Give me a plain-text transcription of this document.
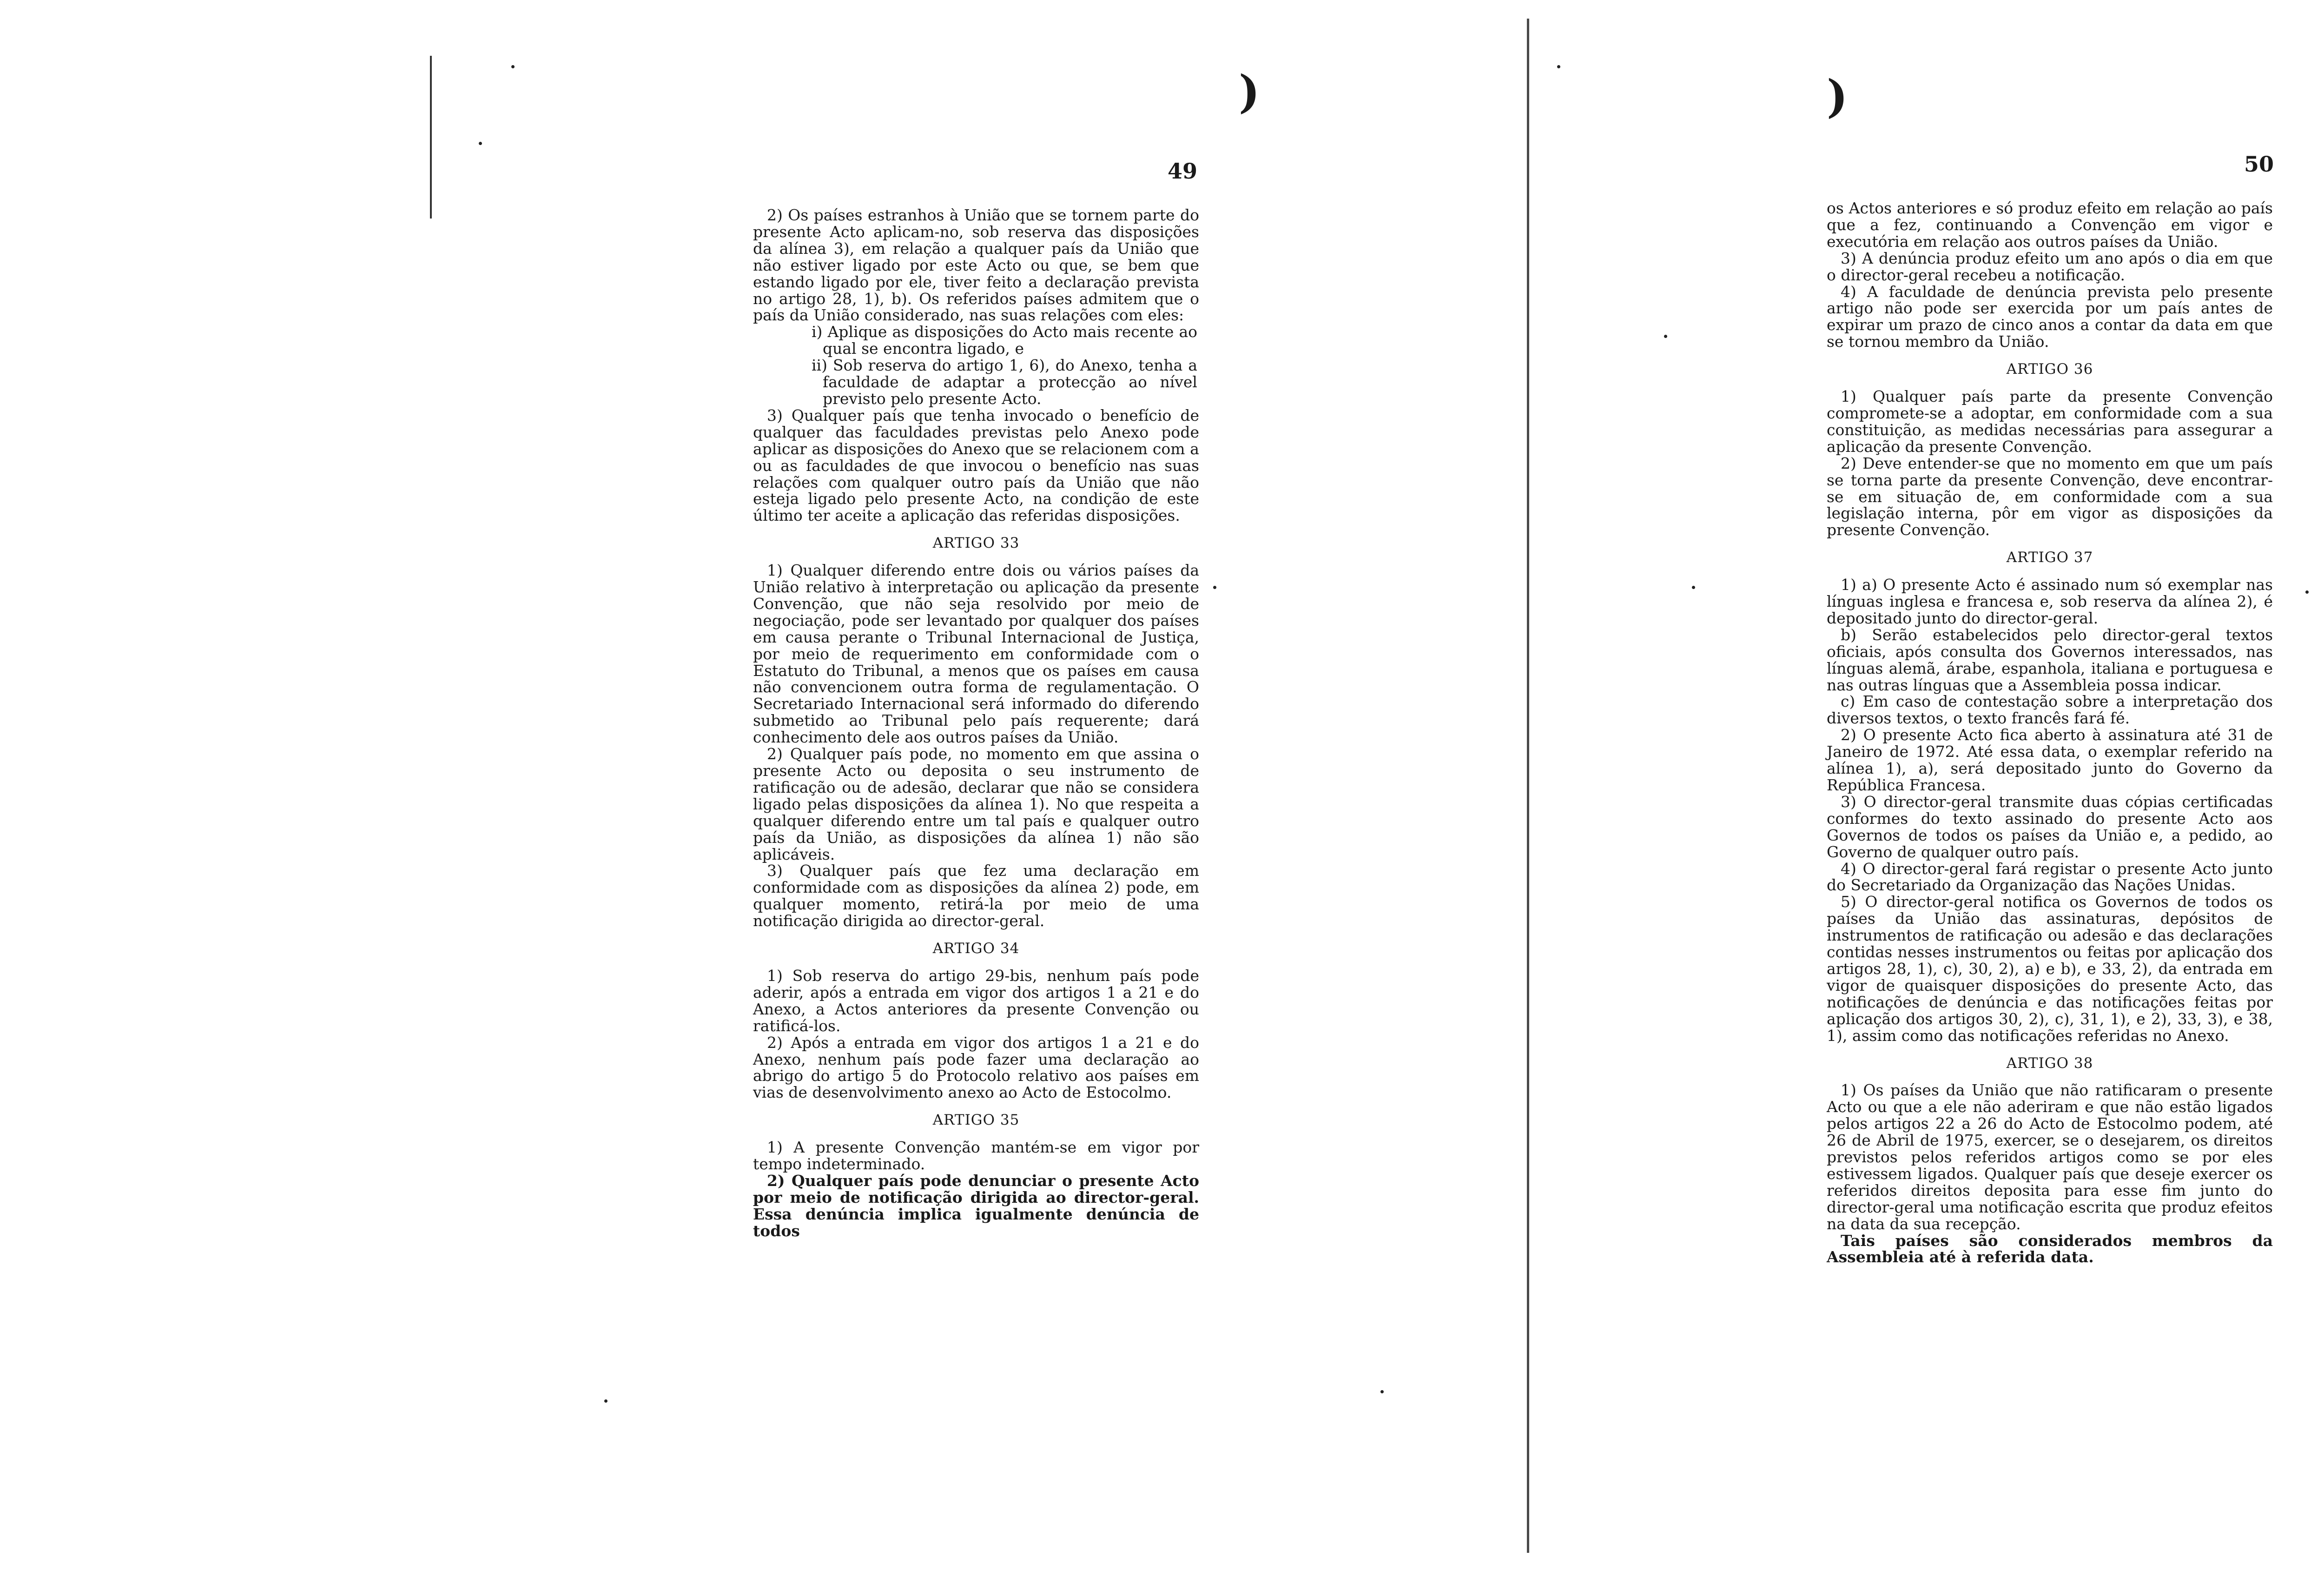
)
49

2) Os países estranhos à União que se tornem parte do presente Acto aplicam-no, sob reserva das disposições da alínea 3), em relação a qualquer país da União que não estiver ligado por este Acto ou que, se bem que estando ligado por ele, tiver feito a declaração prevista no artigo 28, 1), b). Os referidos países admitem que o país da União considerado, nas suas relações com eles:

i) Aplique as disposições do Acto mais recente ao qual se encontra ligado, e

ii) Sob reserva do artigo 1, 6), do Anexo, tenha a faculdade de adaptar a protecção ao nível previsto pelo presente Acto.

3) Qualquer país que tenha invocado o benefício de qualquer das faculdades previstas pelo Anexo pode aplicar as disposições do Anexo que se relacionem com a ou as faculdades de que invocou o benefício nas suas relações com qualquer outro país da União que não esteja ligado pelo presente Acto, na condição de este último ter aceite a aplicação das referidas disposições.

ARTIGO 33

1) Qualquer diferendo entre dois ou vários países da União relativo à interpretação ou aplicação da presente Convenção, que não seja resolvido por meio de negociação, pode ser levantado por qualquer dos países em causa perante o Tribunal Internacional de Justiça, por meio de requerimento em conformidade com o Estatuto do Tribunal, a menos que os países em causa não convencionem outra forma de regulamentação. O Secretariado Internacional será informado do diferendo submetido ao Tribunal pelo país requerente; dará conhecimento dele aos outros países da União.

2) Qualquer país pode, no momento em que assina o presente Acto ou deposita o seu instrumento de ratificação ou de adesão, declarar que não se considera ligado pelas disposições da alínea 1). No que respeita a qualquer diferendo entre um tal país e qualquer outro país da União, as disposições da alínea 1) não são aplicáveis.

3) Qualquer país que fez uma declaração em conformidade com as disposições da alínea 2) pode, em qualquer momento, retirá-la por meio de uma notificação dirigida ao director-geral.

ARTIGO 34

1) Sob reserva do artigo 29-bis, nenhum país pode aderir, após a entrada em vigor dos artigos 1 a 21 e do Anexo, a Actos anteriores da presente Convenção ou ratificá-los.

2) Após a entrada em vigor dos artigos 1 a 21 e do Anexo, nenhum país pode fazer uma declaração ao abrigo do artigo 5 do Protocolo relativo aos países em vias de desenvolvimento anexo ao Acto de Estocolmo.

ARTIGO 35

1) A presente Convenção mantém-se em vigor por tempo indeterminado.

2) Qualquer país pode denunciar o presente Acto por meio de notificação dirigida ao director-geral. Essa denúncia implica igualmente denúncia de todos

)
50

os Actos anteriores e só produz efeito em relação ao país que a fez, continuando a Convenção em vigor e executória em relação aos outros países da União.

3) A denúncia produz efeito um ano após o dia em que o director-geral recebeu a notificação.

4) A faculdade de denúncia prevista pelo presente artigo não pode ser exercida por um país antes de expirar um prazo de cinco anos a contar da data em que se tornou membro da União.

ARTIGO 36

1) Qualquer país parte da presente Convenção compromete-se a adoptar, em conformidade com a sua constituição, as medidas necessárias para assegurar a aplicação da presente Convenção.

2) Deve entender-se que no momento em que um país se torna parte da presente Convenção, deve encontrar-se em situação de, em conformidade com a sua legislação interna, pôr em vigor as disposições da presente Convenção.

ARTIGO 37

1) a) O presente Acto é assinado num só exemplar nas línguas inglesa e francesa e, sob reserva da alínea 2), é depositado junto do director-geral.

b) Serão estabelecidos pelo director-geral textos oficiais, após consulta dos Governos interessados, nas línguas alemã, árabe, espanhola, italiana e portuguesa e nas outras línguas que a Assembleia possa indicar.

c) Em caso de contestação sobre a interpretação dos diversos textos, o texto francês fará fé.

2) O presente Acto fica aberto à assinatura até 31 de Janeiro de 1972. Até essa data, o exemplar referido na alínea 1), a), será depositado junto do Governo da República Francesa.

3) O director-geral transmite duas cópias certificadas conformes do texto assinado do presente Acto aos Governos de todos os países da União e, a pedido, ao Governo de qualquer outro país.

4) O director-geral fará registar o presente Acto junto do Secretariado da Organização das Nações Unidas.

5) O director-geral notifica os Governos de todos os países da União das assinaturas, depósitos de instrumentos de ratificação ou adesão e das declarações contidas nesses instrumentos ou feitas por aplicação dos artigos 28, 1), c), 30, 2), a) e b), e 33, 2), da entrada em vigor de quaisquer disposições do presente Acto, das notificações de denúncia e das notificações feitas por aplicação dos artigos 30, 2), c), 31, 1), e 2), 33, 3), e 38, 1), assim como das notificações referidas no Anexo.

ARTIGO 38

1) Os países da União que não ratificaram o presente Acto ou que a ele não aderiram e que não estão ligados pelos artigos 22 a 26 do Acto de Estocolmo podem, até 26 de Abril de 1975, exercer, se o desejarem, os direitos previstos pelos referidos artigos como se por eles estivessem ligados. Qualquer país que deseje exercer os referidos direitos deposita para esse fim junto do director-geral uma notificação escrita que produz efeitos na data da sua recepção.

Tais países são considerados membros da Assembleia até à referida data.
